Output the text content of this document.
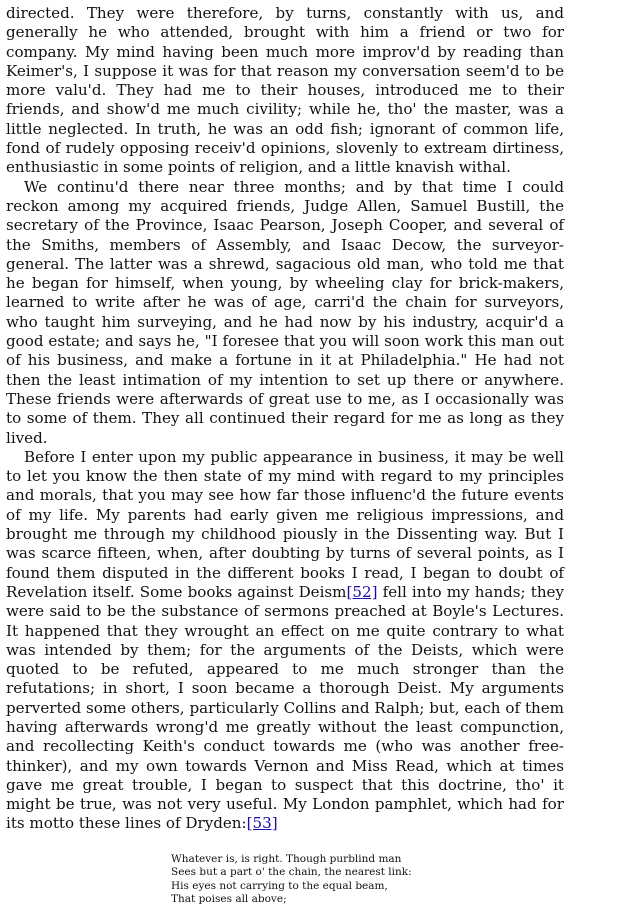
directed. They were therefore, by turns, constantly with us, and generally he who attended, brought with him a friend or two for company. My mind having been much more improv'd by reading than Keimer's, I suppose it was for that reason my conversation seem'd to be more valu'd. They had me to their houses, introduced me to their friends, and show'd me much civility; while he, tho' the master, was a little neglected. In truth, he was an odd fish; ignorant of common life, fond of rudely opposing receiv'd opinions, slovenly to extream dirtiness, enthusiastic in some points of religion, and a little knavish withal.

We continu'd there near three months; and by that time I could reckon among my acquired friends, Judge Allen, Samuel Bustill, the secretary of the Province, Isaac Pearson, Joseph Cooper, and several of the Smiths, members of Assembly, and Isaac Decow, the surveyor-general. The latter was a shrewd, sagacious old man, who told me that he began for himself, when young, by wheeling clay for brick-makers, learned to write after he was of age, carri'd the chain for surveyors, who taught him surveying, and he had now by his industry, acquir'd a good estate; and says he, "I foresee that you will soon work this man out of his business, and make a fortune in it at Philadelphia." He had not then the least intimation of my intention to set up there or anywhere. These friends were afterwards of great use to me, as I occasionally was to some of them. They all continued their regard for me as long as they lived.

Before I enter upon my public appearance in business, it may be well to let you know the then state of my mind with regard to my principles and morals, that you may see how far those influenc'd the future events of my life. My parents had early given me religious impressions, and brought me through my childhood piously in the Dissenting way. But I was scarce fifteen, when, after doubting by turns of several points, as I found them disputed in the different books I read, I began to doubt of Revelation itself. Some books against Deism[52] fell into my hands; they were said to be the substance of sermons preached at Boyle's Lectures. It happened that they wrought an effect on me quite contrary to what was intended by them; for the arguments of the Deists, which were quoted to be refuted, appeared to me much stronger than the refutations; in short, I soon became a thorough Deist. My arguments perverted some others, particularly Collins and Ralph; but, each of them having afterwards wrong'd me greatly without the least compunction, and recollecting Keith's conduct towards me (who was another free-thinker), and my own towards Vernon and Miss Read, which at times gave me great trouble, I began to suspect that this doctrine, tho' it might be true, was not very useful. My London pamphlet, which had for its motto these lines of Dryden:[53]

Whatever is, is right. Though purblind man
Sees but a part o' the chain, the nearest link:
His eyes not carrying to the equal beam,
That poises all above;
